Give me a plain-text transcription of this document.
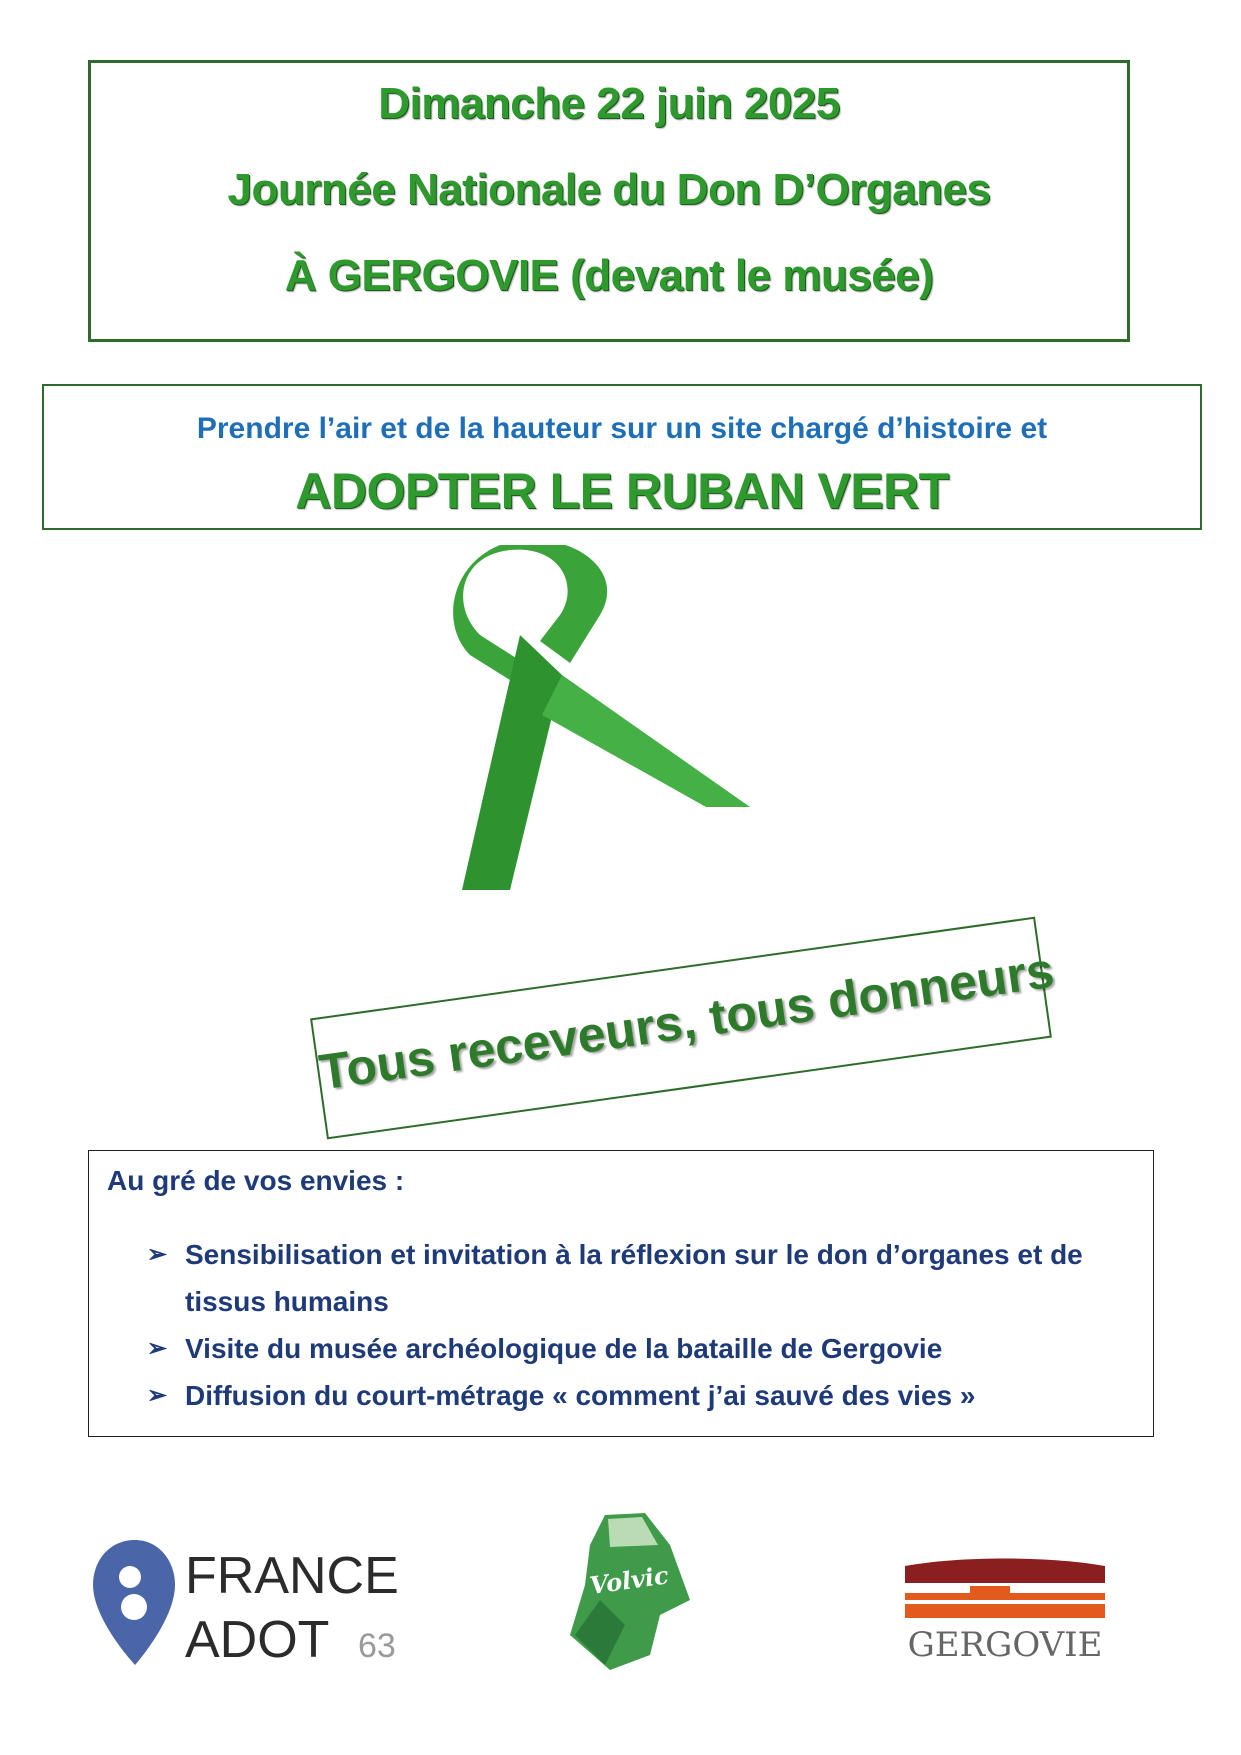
Dimanche 22 juin 2025
Journée Nationale du Don D’Organes
À GERGOVIE (devant le musée)
Prendre l’air et de la hauteur sur un site chargé d’histoire et
ADOPTER LE RUBAN VERT
Tous receveurs, tous donneurs
Au gré de vos envies :
➢ Sensibilisation et invitation à la réflexion sur le don d’organes et de tissus humains
➢ Visite du musée archéologique de la bataille de Gergovie
➢ Diffusion du court-métrage « comment j’ai sauvé des vies »
FRANCE
ADOT 63
Volvic
GERGOVIE
